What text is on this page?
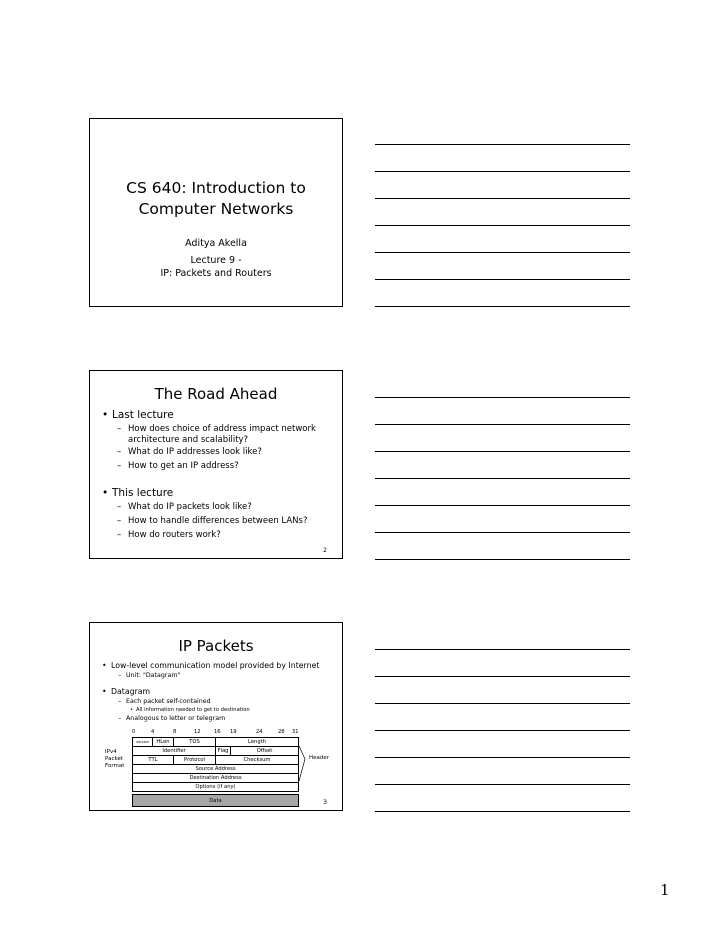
CS 640: Introduction to
Computer Networks
Aditya Akella
Lecture 9 -
IP: Packets and Routers
The Road Ahead
• Last lecture
– How does choice of address impact network
architecture and scalability?
– What do IP addresses look like?
– How to get an IP address?
• This lecture
– What do IP packets look like?
– How to handle differences between LANs?
– How do routers work?
2
IP Packets
• Low-level communication model provided by Internet
– Unit: "Datagram"
• Datagram
– Each packet self-contained
• All information needed to get to destination
– Analogous to letter or telegram
0	4	8	12	16 19	24	28 31
version	HLen	TOS	Length
Identifier	Flag	Offset
TTL	Protocol	Checksum
Source Address
Destination Address
Options (if any)
Data
IPv4
Packet
Format
Header
3
1
